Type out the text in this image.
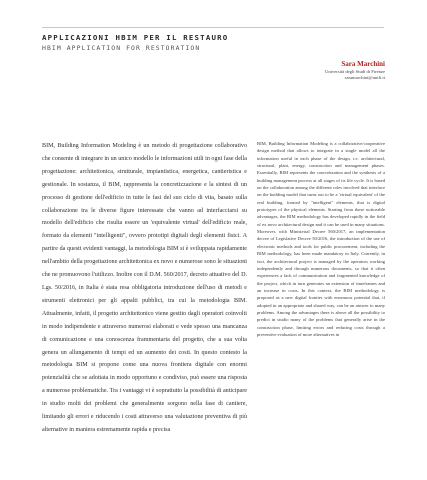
APPLICAZIONI HBIM PER IL RESTAURO
HBIM APPLICATION FOR RESTORATION
Sara Marchini
Università degli Studi di Firenze
saramarchini@unifi.it

BIM, Building Information Modeling è un metodo di progettazione collaborativo che consente di integrare in un unico modello le informazioni utili in ogni fase della progettazione: architettonica, strutturale, impiantistica, energetica, cantieristica e gestionale. In sostanza, il BIM, rappresenta la concretizzazione e la sintesi di un processo di gestione dell'edificio in tutte le fasi del suo ciclo di vita, basato sulla collaborazione tra le diverse figure interessate che vanno ad interfacciarsi su modello dell'edificio che risulta essere un 'equivalente virtual' dell'edificio reale, formato da elementi "intelligenti", ovvero prototipi digitali degli elementi fisici. A partire da questi evidenti vantaggi, la metodologia BIM si è sviluppata rapidamente nell'ambito della progettazione architettonica ex novo e numerose sono le situazioni che ne promuovono l'utilizzo. Inoltre con il D.M. 560/2017, decreto attuativo del D. Lgs. 50/2016, in Italia è stata resa obbligatoria introduzione dell'uso di metodi e strumenti elettronici per gli appalti pubblici, tra cui la metodologia BIM. Attualmente, infatti, il progetto architettonico viene gestito dagli operatori coinvolti in modo indipendente e attraverso numerosi elaborati e vede spesso una mancanza di comunicazione e una conoscenza frammentaria del progetto, che a sua volta genera un allungamento di tempi ed un aumento dei costi. In questo contesto la metodologia BIM si propone come una nuova frontiera digitale con enormi potenzialità che se adottata in modo opportuno e condiviso, può essere una risposta a numerose problematiche. Tra i vantaggi vi è soprattutto la possibilità di anticipare in studio molti dei problemi che generalmente sorgono nella fase di cantiere, limitando gli errori e riducendo i costi attraverso una valutazione preventiva di più alternative in maniera estremamente rapida e precisa

BIM, Building Information Modeling is a collaborative/cooperative design method that allows to integrate in a single model all the information useful in each phase of the design, i.e. architectural, structural, plant, energy, construction and management phases. Essentially, BIM represents the concretization and the synthesis of a building management process at all stages of its life cycle. It is based on the collaboration among the different roles involved that interface on the building model that turns out to be a 'virtual equivalent' of the real building, formed by "intelligent" elements, that is digital prototypes of the physical elements. Starting from these noticeable advantages, the BIM methodology has developed rapidly in the field of ex novo architectural design and it can be used in many situations. Moreover, with Ministerial Decree 560/2017, an implementation decree of Legislative Decree 50/2016, the introduction of the use of electronic methods and tools for public procurement, including the BIM methodology, has been made mandatory in Italy. Currently, in fact, the architectural project is managed by the operators working independently and through numerous documents, so that it often experiences a lack of communication and fragmented knowledge of the project, which in turn generates an extension of timeframes and an increase in costs. In this context, the BIM methodology is proposed as a new digital frontier with enormous potential that, if adopted in an appropriate and shared way, can be an answer to many problems. Among the advantages there is above all the possibility to predict in studio many of the problems that generally arise in the construction phase, limiting errors and reducing costs through a preventive evaluation of more alternatives in
